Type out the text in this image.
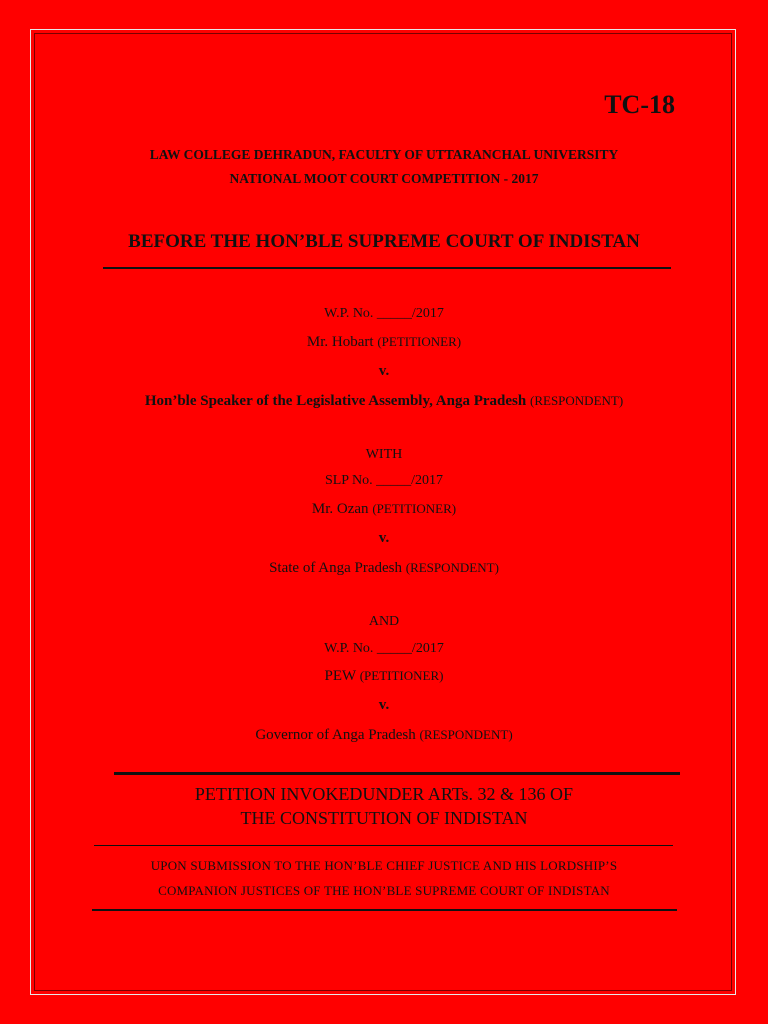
TC-18

LAW COLLEGE DEHRADUN, FACULTY OF UTTARANCHAL UNIVERSITY

NATIONAL MOOT COURT COMPETITION - 2017

BEFORE THE HON’BLE SUPREME COURT OF INDISTAN

W.P. No. _____/2017

Mr. Hobart (PETITIONER)

v.

Hon’ble Speaker of the Legislative Assembly, Anga Pradesh (RESPONDENT)

WITH

SLP No. _____/2017

Mr. Ozan (PETITIONER)

v.

State of Anga Pradesh (RESPONDENT)

AND

W.P. No. _____/2017

PEW (PETITIONER)

v.

Governor of Anga Pradesh (RESPONDENT)

PETITION INVOKEDUNDER ARTs. 32 & 136 OF

THE CONSTITUTION OF INDISTAN

UPON SUBMISSION TO THE HON’BLE CHIEF JUSTICE AND HIS LORDSHIP’S

COMPANION JUSTICES OF THE HON’BLE SUPREME COURT OF INDISTAN
